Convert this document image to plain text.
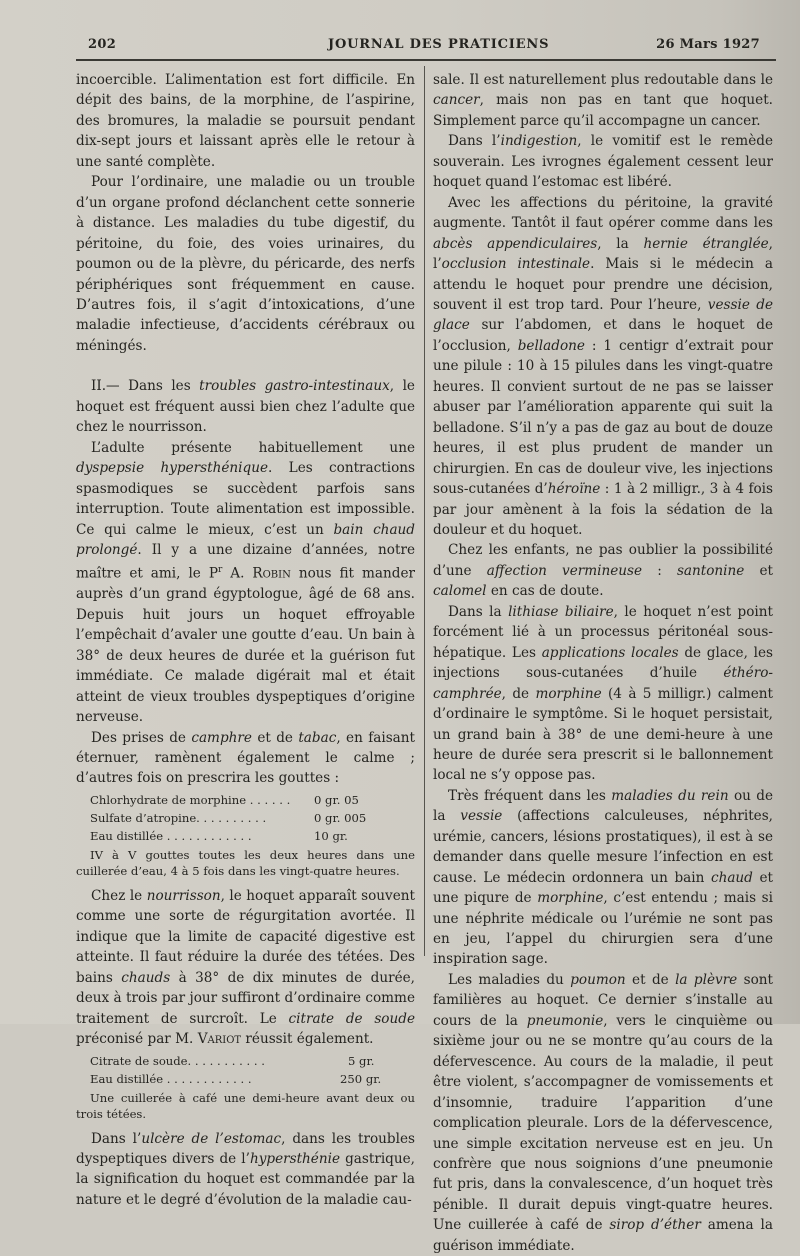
202	JOURNAL DES PRATICIENS	26 Mars 1927

incoercible. L’alimentation est fort difficile. En dépit des bains, de la morphine, de l’aspirine, des bromures, la maladie se poursuit pendant dix-sept jours et laissant après elle le retour à une santé complète.

Pour l’ordinaire, une maladie ou un trouble d’un organe profond déclanchent cette sonnerie à distance. Les maladies du tube digestif, du péritoine, du foie, des voies urinaires, du poumon ou de la plèvre, du péricarde, des nerfs périphériques sont fréquemment en cause. D’autres fois, il s’agit d’intoxications, d’une maladie infectieuse, d’accidents cérébraux ou méningés.

II.— Dans les troubles gastro-intestinaux, le hoquet est fréquent aussi bien chez l’adulte que chez le nourrisson.

L’adulte présente habituellement une dyspepsie hypersthénique. Les contractions spasmodiques se succèdent parfois sans interruption. Toute alimentation est impossible. Ce qui calme le mieux, c’est un bain chaud prolongé. Il y a une dizaine d’années, notre maître et ami, le $P^r$ A. Robin nous fit mander auprès d’un grand égyptologue, âgé de 68 ans. Depuis huit jours un hoquet effroyable l’empêchait d’avaler une goutte d’eau. Un bain à 38° de deux heures de durée et la guérison fut immédiate. Ce malade digérait mal et était atteint de vieux troubles dyspeptiques d’origine nerveuse.

Des prises de camphre et de tabac, en faisant éternuer, ramènent également le calme ; d’autres fois on prescrira les gouttes :

Chlorhydrate de morphine . . . . . .	0 gr. 05
Sulfate d’atropine. . . . . . . . . .	0 gr. 005
Eau distillée . . . . . . . . . . . .	10 gr.

IV à V gouttes toutes les deux heures dans une cuillerée d’eau, 4 à 5 fois dans les vingt-quatre heures.

Chez le nourrisson, le hoquet apparaît souvent comme une sorte de régurgitation avortée. Il indique que la limite de capacité digestive est atteinte. Il faut réduire la durée des tétées. Des bains chauds à 38° de dix minutes de durée, deux à trois par jour suffiront d’ordinaire comme traitement de surcroît. Le citrate de soude préconisé par M. Variot réussit également.

Citrate de soude. . . . . . . . . . .	5 gr.
Eau distillée . . . . . . . . . . . .	250 gr.

Une cuillerée à café une demi-heure avant deux ou trois tétées.

Dans l’ulcère de l’estomac, dans les troubles dyspeptiques divers de l’hypersthénie gastrique, la signification du hoquet est commandée par la nature et le degré d’évolution de la maladie cau-

sale. Il est naturellement plus redoutable dans le cancer, mais non pas en tant que hoquet. Simplement parce qu’il accompagne un cancer.

Dans l’indigestion, le vomitif est le remède souverain. Les ivrognes également cessent leur hoquet quand l’estomac est libéré.

Avec les affections du péritoine, la gravité augmente. Tantôt il faut opérer comme dans les abcès appendiculaires, la hernie étranglée, l’occlusion intestinale. Mais si le médecin a attendu le hoquet pour prendre une décision, souvent il est trop tard. Pour l’heure, vessie de glace sur l’abdomen, et dans le hoquet de l’occlusion, belladone : 1 centigr d’extrait pour une pilule : 10 à 15 pilules dans les vingt-quatre heures. Il convient surtout de ne pas se laisser abuser par l’amélioration apparente qui suit la belladone. S’il n’y a pas de gaz au bout de douze heures, il est plus prudent de mander un chirurgien. En cas de douleur vive, les injections sous-cutanées d’héroïne : 1 à 2 milligr., 3 à 4 fois par jour amènent à la fois la sédation de la douleur et du hoquet.

Chez les enfants, ne pas oublier la possibilité d’une affection vermineuse : santonine et calomel en cas de doute.

Dans la lithiase biliaire, le hoquet n’est point forcément lié à un processus péritonéal sous-hépatique. Les applications locales de glace, les injections sous-cutanées d’huile éthéro-camphrée, de morphine (4 à 5 milligr.) calment d’ordinaire le symptôme. Si le hoquet persistait, un grand bain à 38° de une demi-heure à une heure de durée sera prescrit si le ballonnement local ne s’y oppose pas.

Très fréquent dans les maladies du rein ou de la vessie (affections calculeuses, néphrites, urémie, cancers, lésions prostatiques), il est à se demander dans quelle mesure l’infection en est cause. Le médecin ordonnera un bain chaud et une piqure de morphine, c’est entendu ; mais si une néphrite médicale ou l’urémie ne sont pas en jeu, l’appel du chirurgien sera d’une inspiration sage.

Les maladies du poumon et de la plèvre sont familières au hoquet. Ce dernier s’installe au cours de la pneumonie, vers le cinquième ou sixième jour ou ne se montre qu’au cours de la défervescence. Au cours de la maladie, il peut être violent, s’accompagner de vomissements et d’insomnie, traduire l’apparition d’une complication pleurale. Lors de la défervescence, une simple excitation nerveuse est en jeu. Un confrère que nous soignions d’une pneumonie fut pris, dans la convalescence, d’un hoquet très pénible. Il durait depuis vingt-quatre heures. Une cuillerée à café de sirop d’éther amena la guérison immédiate.
